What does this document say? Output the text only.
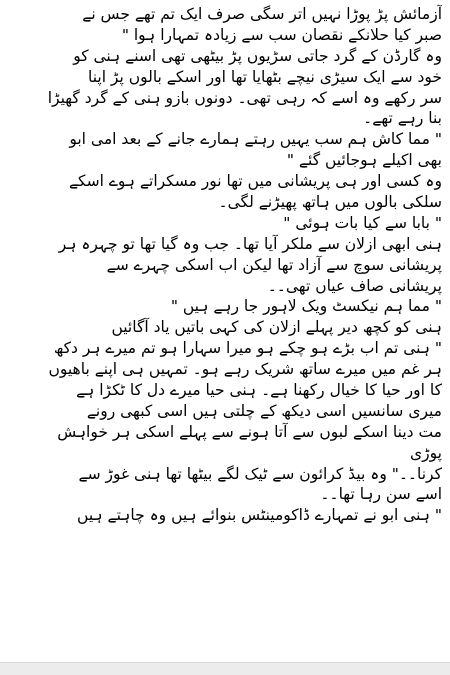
آزمائش پڑ پوڑا نہیں اتر سگی صرف ایک تم تھے جس نے
صبر کیا حلانکے نقصان سب سے زیادہ تمہارا ہوا "
وہ گارڈن کے گرد جاتی سڑیوں پڑ بیٹھی تھی اسنے ہنی کو
خود سے ایک سیڑی نیچے بٹھایا تھا اور اسکے بالوں پڑ اپنا
سر رکھے وہ اسے کہ رہی تھی۔ دونوں بازو ہنی کے گرد گھیڑا
بنا رہے تھے۔
" مما کاش ہم سب یہیں رہتے ہمارے جانے کے بعد امی ابو
بھی اکیلے ہوجائیں گئے "
وہ کسی اور ہی پریشانی میں تھا نور مسکراتے ہوے اسکے
سلکی بالوں میں ہاتھ پھیڑنے لگی۔
" بابا سے کیا بات ہوئی "
ہنی ابھی ازلان سے ملکر آیا تھا۔ جب وہ گیا تھا تو چہرہ ہر
پریشانی سوچ سے آزاد تھا لیکن اب اسکی چہرے سے
پریشانی صاف عیاں تھی۔۔
" مما ہم نیکسٹ ویک لاہور جا رہے ہیں "
ہنی کو کچھ دیر پہلے ازلان کی کہی باتیں یاد آگائیں
" ہنی تم اب بڑے ہو چکے ہو میرا سہارا ہو تم میرے ہر دکھ
ہر غم میں میرے ساتھ شریک رہے ہو۔ تمہیں ہی اپنے باھیوں
کا اور حیا کا خیال رکھنا ہے۔ ہنی حیا میرے دل کا ٹکڑا ہے
میری سانسیں اسی دیکھ کے چلتی ہیں اسی کبھی رونے
مت دینا اسکے لبوں سے آتا ہونے سے پہلے اسکی ہر خواہش
پوڑی
کرنا۔۔" وہ بیڈ کرائون سے ٹیک لگے بیٹھا تھا ہنی غوڑ سے
اسے سن رہا تھا۔۔
" ہنی ابو نے تمہارے ڈاکومینٹس بنوائے ہیں وہ چاہتے ہیں
